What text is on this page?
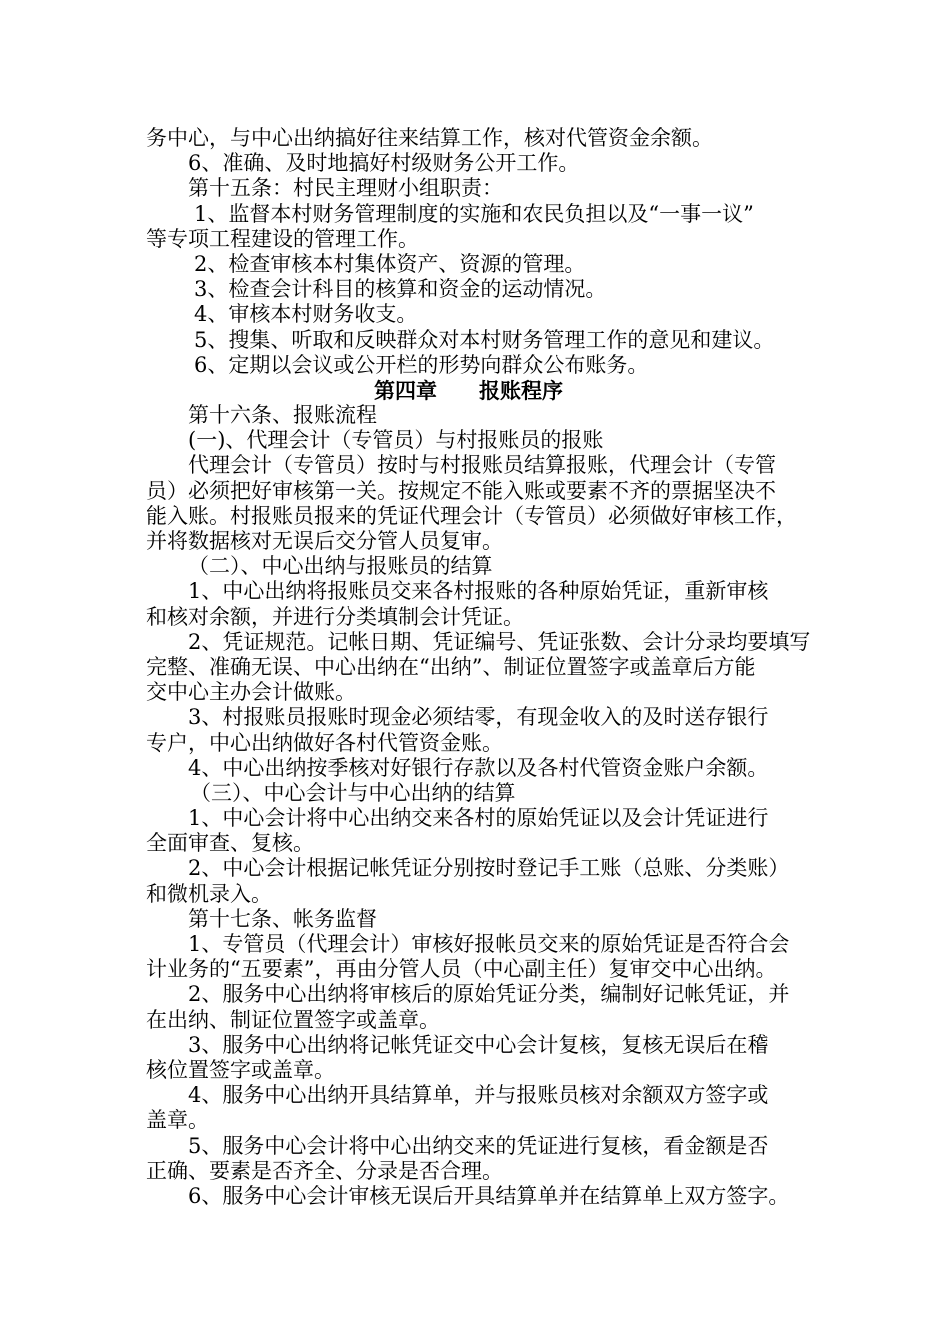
务中心，与中心出纳搞好往来结算工作，核对代管资金余额。
6、准确、及时地搞好村级财务公开工作。
第十五条：村民主理财小组职责：
1、监督本村财务管理制度的实施和农民负担以及“一事一议”
等专项工程建设的管理工作。
2、检查审核本村集体资产、资源的管理。
3、检查会计科目的核算和资金的运动情况。
4、审核本村财务收支。
5、搜集、听取和反映群众对本村财务管理工作的意见和建议。
6、定期以会议或公开栏的形势向群众公布账务。
第四章　　报账程序
第十六条、报账流程
(一)、代理会计（专管员）与村报账员的报账
代理会计（专管员）按时与村报账员结算报账，代理会计（专管
员）必须把好审核第一关。按规定不能入账或要素不齐的票据坚决不
能入账。村报账员报来的凭证代理会计（专管员）必须做好审核工作，
并将数据核对无误后交分管人员复审。
（二）、中心出纳与报账员的结算
1、中心出纳将报账员交来各村报账的各种原始凭证，重新审核
和核对余额，并进行分类填制会计凭证。
2、凭证规范。记帐日期、凭证编号、凭证张数、会计分录均要填写
完整、准确无误、中心出纳在“出纳”、制证位置签字或盖章后方能
交中心主办会计做账。
3、村报账员报账时现金必须结零，有现金收入的及时送存银行
专户，中心出纳做好各村代管资金账。
4、中心出纳按季核对好银行存款以及各村代管资金账户余额。
（三）、中心会计与中心出纳的结算
1、中心会计将中心出纳交来各村的原始凭证以及会计凭证进行
全面审查、复核。
2、中心会计根据记帐凭证分别按时登记手工账（总账、分类账）
和微机录入。
第十七条、帐务监督
1、专管员（代理会计）审核好报帐员交来的原始凭证是否符合会
计业务的“五要素”，再由分管人员（中心副主任）复审交中心出纳。
2、服务中心出纳将审核后的原始凭证分类，编制好记帐凭证，并
在出纳、制证位置签字或盖章。
3、服务中心出纳将记帐凭证交中心会计复核，复核无误后在稽
核位置签字或盖章。
4、服务中心出纳开具结算单，并与报账员核对余额双方签字或
盖章。
5、服务中心会计将中心出纳交来的凭证进行复核，看金额是否
正确、要素是否齐全、分录是否合理。
6、服务中心会计审核无误后开具结算单并在结算单上双方签字。
